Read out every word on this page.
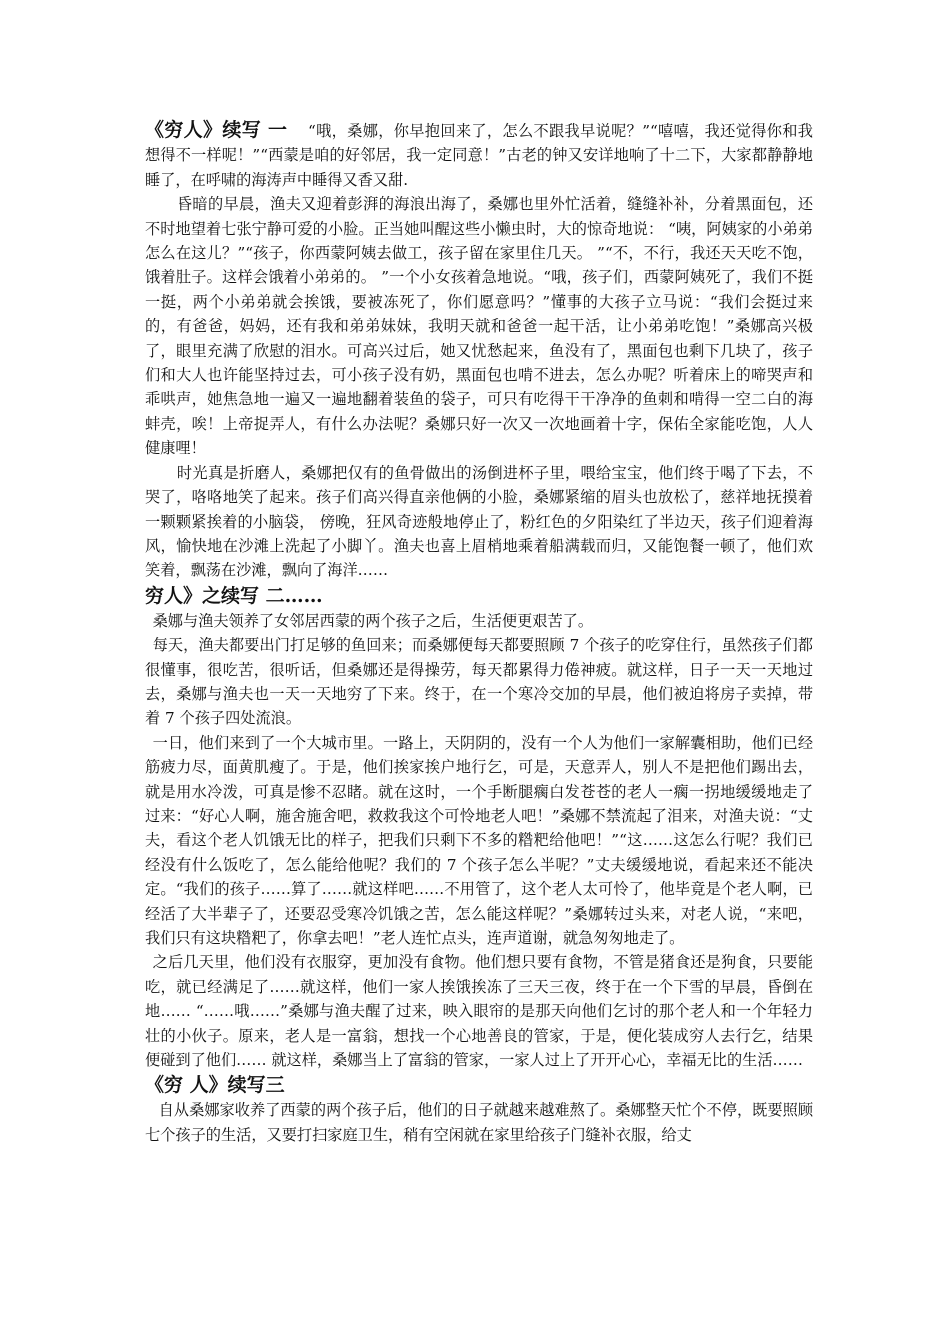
《穷人》续写 一 “哦，桑娜，你早抱回来了，怎么不跟我早说呢？”“嘻嘻，我还觉得你和我想得不一样呢！”“西蒙是咱的好邻居，我一定同意！”古老的钟又安详地响了十二下，大家都静静地睡了，在呼啸的海涛声中睡得又香又甜.

昏暗的早晨，渔夫又迎着彭湃的海浪出海了，桑娜也里外忙活着，缝缝补补，分着黑面包，还不时地望着七张宁静可爱的小脸。正当她叫醒这些小懒虫时，大的惊奇地说： “咦，阿姨家的小弟弟怎么在这儿？”“孩子，你西蒙阿姨去做工，孩子留在家里住几天。 ”“不，不行，我还天天吃不饱，饿着肚子。这样会饿着小弟弟的。 ”一个小女孩着急地说。“哦，孩子们，西蒙阿姨死了，我们不挺一挺，两个小弟弟就会挨饿，要被冻死了，你们愿意吗？”懂事的大孩子立马说：“我们会挺过来的，有爸爸，妈妈，还有我和弟弟妹妹，我明天就和爸爸一起干活，让小弟弟吃饱！”桑娜高兴极了，眼里充满了欣慰的泪水。可高兴过后，她又忧愁起来，鱼没有了，黑面包也剩下几块了，孩子们和大人也许能坚持过去，可小孩子没有奶，黑面包也啃不进去，怎么办呢？听着床上的啼哭声和乖哄声，她焦急地一遍又一遍地翻着装鱼的袋子，可只有吃得干干净净的鱼刺和啃得一空二白的海蚌壳，唉！上帝捉弄人，有什么办法呢？桑娜只好一次又一次地画着十字，保佑全家能吃饱，人人健康哩！

时光真是折磨人，桑娜把仅有的鱼骨做出的汤倒进杯子里，喂给宝宝，他们终于喝了下去，不哭了，咯咯地笑了起来。孩子们高兴得直亲他俩的小脸，桑娜紧缩的眉头也放松了，慈祥地抚摸着一颗颗紧挨着的小脑袋， 傍晚，狂风奇迹般地停止了，粉红色的夕阳染红了半边天，孩子们迎着海风，愉快地在沙滩上洗起了小脚丫。渔夫也喜上眉梢地乘着船满载而归，又能饱餐一顿了，他们欢笑着，飘荡在沙滩，飘向了海洋……

穷人》之续写 二……

桑娜与渔夫领养了女邻居西蒙的两个孩子之后，生活便更艰苦了。

每天，渔夫都要出门打足够的鱼回来；而桑娜便每天都要照顾 7 个孩子的吃穿住行，虽然孩子们都很懂事，很吃苦，很听话，但桑娜还是得操劳，每天都累得力倦神疲。就这样，日子一天一天地过去，桑娜与渔夫也一天一天地穷了下来。终于，在一个寒冷交加的早晨，他们被迫将房子卖掉，带着 7 个孩子四处流浪。

一日，他们来到了一个大城市里。一路上，天阴阴的，没有一个人为他们一家解囊相助，他们已经筋疲力尽，面黄肌瘦了。于是，他们挨家挨户地行乞，可是，天意弄人，别人不是把他们踢出去，就是用水冷泼，可真是惨不忍睹。就在这时，一个手断腿瘸白发苍苍的老人一瘸一拐地缓缓地走了过来：“好心人啊，施舍施舍吧，救救我这个可怜地老人吧！”桑娜不禁流起了泪来，对渔夫说：“丈夫，看这个老人饥饿无比的样子，把我们只剩下不多的糌粑给他吧！”“这……这怎么行呢？我们已经没有什么饭吃了，怎么能给他呢？我们的 7 个孩子怎么半呢？”丈夫缓缓地说，看起来还不能决定。“我们的孩子……算了……就这样吧……不用管了，这个老人太可怜了，他毕竟是个老人啊，已经活了大半辈子了，还要忍受寒冷饥饿之苦，怎么能这样呢？”桑娜转过头来，对老人说，“来吧，我们只有这块糌粑了，你拿去吧！”老人连忙点头，连声道谢，就急匆匆地走了。

之后几天里，他们没有衣服穿，更加没有食物。他们想只要有食物，不管是猪食还是狗食，只要能吃，就已经满足了……就这样，他们一家人挨饿挨冻了三天三夜，终于在一个下雪的早晨，昏倒在地…… “……哦……”桑娜与渔夫醒了过来，映入眼帘的是那天向他们乞讨的那个老人和一个年轻力壮的小伙子。原来，老人是一富翁，想找一个心地善良的管家，于是，便化装成穷人去行乞，结果便碰到了他们…… 就这样，桑娜当上了富翁的管家，一家人过上了开开心心，幸福无比的生活……

《穷 人》续写三

自从桑娜家收养了西蒙的两个孩子后，他们的日子就越来越难熬了。桑娜整天忙个不停，既要照顾七个孩子的生活，又要打扫家庭卫生，稍有空闲就在家里给孩子门缝补衣服，给丈
